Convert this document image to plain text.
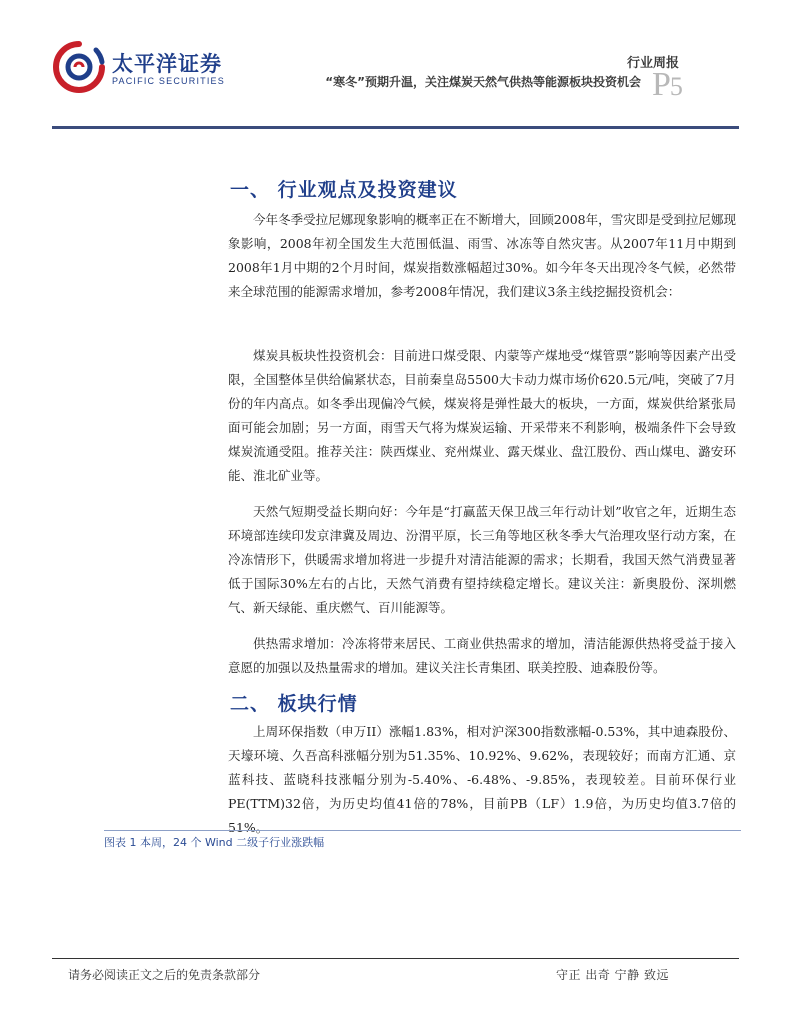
太平洋证券
PACIFIC SECURITIES
行业周报
“寒冬”预期升温，关注煤炭天然气供热等能源板块投资机会 P5
一、 行业观点及投资建议

今年冬季受拉尼娜现象影响的概率正在不断增大，回顾2008年，雪灾即是受到拉尼娜现象影响，2008年初全国发生大范围低温、雨雪、冰冻等自然灾害。从2007年11月中期到2008年1月中期的2个月时间，煤炭指数涨幅超过30%。如今年冬天出现冷冬气候，必然带来全球范围的能源需求增加，参考2008年情况，我们建议3条主线挖掘投资机会：

煤炭具板块性投资机会：目前进口煤受限、内蒙等产煤地受“煤管票”影响等因素产出受限，全国整体呈供给偏紧状态，目前秦皇岛5500大卡动力煤市场价620.5元/吨，突破了7月份的年内高点。如冬季出现偏冷气候，煤炭将是弹性最大的板块，一方面，煤炭供给紧张局面可能会加剧；另一方面，雨雪天气将为煤炭运输、开采带来不利影响，极端条件下会导致煤炭流通受阻。推荐关注：陕西煤业、兖州煤业、露天煤业、盘江股份、西山煤电、潞安环能、淮北矿业等。

天然气短期受益长期向好：今年是“打赢蓝天保卫战三年行动计划”收官之年，近期生态环境部连续印发京津冀及周边、汾渭平原，长三角等地区秋冬季大气治理攻坚行动方案，在冷冻情形下，供暖需求增加将进一步提升对清洁能源的需求；长期看，我国天然气消费显著低于国际30%左右的占比，天然气消费有望持续稳定增长。建议关注：新奥股份、深圳燃气、新天绿能、重庆燃气、百川能源等。

供热需求增加：冷冻将带来居民、工商业供热需求的增加，清洁能源供热将受益于接入意愿的加强以及热量需求的增加。建议关注长青集团、联美控股、迪森股份等。

二、 板块行情

上周环保指数（申万II）涨幅1.83%，相对沪深300指数涨幅-0.53%，其中迪森股份、天壕环境、久吾高科涨幅分别为51.35%、10.92%、9.62%，表现较好；而南方汇通、京蓝科技、蓝晓科技涨幅分别为-5.40%、-6.48%、-9.85%，表现较差。目前环保行业PE(TTM)32倍，为历史均值41倍的78%，目前PB（LF）1.9倍，为历史均值3.7倍的51%。

图表 1 本周，24 个 Wind 二级子行业涨跌幅
请务必阅读正文之后的免责条款部分	守正 出奇 宁静 致远
